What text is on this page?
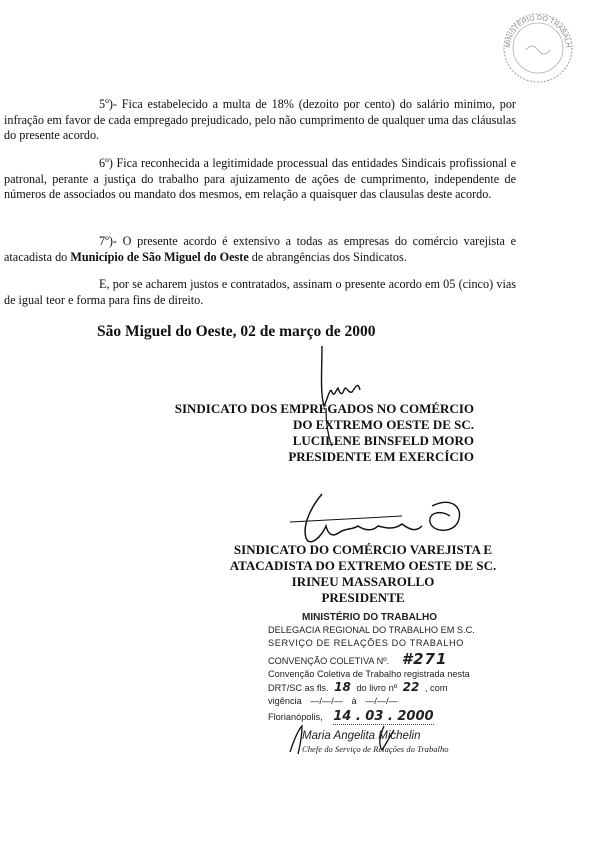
MINISTÉRIO DO TRABALHO

5º)- Fica estabelecido a multa de 18% (dezoito por cento) do salário minimo, por infração em favor de cada empregado prejudicado, pelo não cumprimento de qualquer uma das cláusulas do presente acordo.

6º) Fica reconhecida a legitimidade processual das entidades Sindicais profissional e patronal, perante a justiça do trabalho para ajuizamento de ações de cumprimento, independente de números de associados ou mandato dos mesmos, em relação a quaisquer das clausulas deste acordo.

7º)- O presente acordo é extensivo a todas as empresas do comércio varejista e atacadista do Município de São Miguel do Oeste de abrangências dos Sindicatos.

E, por se acharem justos e contratados, assinam o presente acordo em 05 (cinco) vias de igual teor e forma para fins de direito.

São Miguel do Oeste, 02 de março de 2000
SINDICATO DOS EMPREGADOS NO COMÉRCIO
DO EXTREMO OESTE DE SC.
LUCILENE BINSFELD MORO
PRESIDENTE EM EXERCÍCIO
SINDICATO DO COMÉRCIO VAREJISTA E
ATACADISTA DO EXTREMO OESTE DE SC.
IRINEU MASSAROLLO
PRESIDENTE
MINISTÉRIO DO TRABALHO
DELEGACIA REGIONAL DO TRABALHO EM S.C.
SERVIÇO DE RELAÇÕES DO TRABALHO
CONVENÇÃO COLETIVA Nº. #271
Convenção Coletiva de Trabalho registrada nesta
DRT/SC as fls. 18 do livro nº 22 , com
vigência —/—/— à —/—/—
Florianópolis, 14 . 03 . 2000
Maria Angelita Michelin
Chefe do Serviço de Relações do Trabalho
